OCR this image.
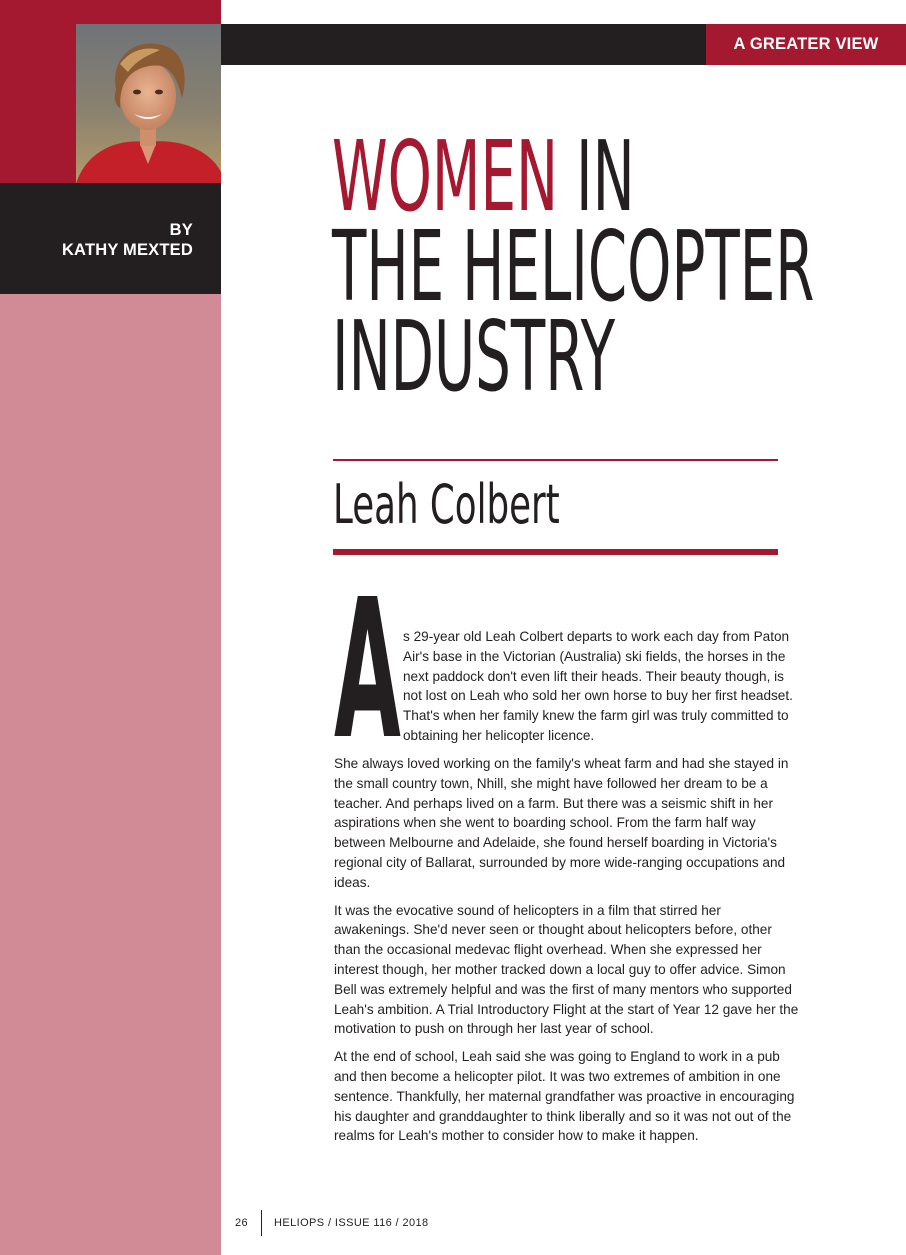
BY
KATHY MEXTED
A GREATER VIEW
WOMEN IN
THE HELICOPTER
INDUSTRY
Leah Colbert
A s 29-year old Leah Colbert departs to work each day from Paton Air's base in the Victorian (Australia) ski fields, the horses in the next paddock don't even lift their heads. Their beauty though, is not lost on Leah who sold her own horse to buy her first headset. That's when her family knew the farm girl was truly committed to obtaining her helicopter licence.

She always loved working on the family's wheat farm and had she stayed in the small country town, Nhill, she might have followed her dream to be a teacher. And perhaps lived on a farm. But there was a seismic shift in her aspirations when she went to boarding school. From the farm half way between Melbourne and Adelaide, she found herself boarding in Victoria's regional city of Ballarat, surrounded by more wide-ranging occupations and ideas.

It was the evocative sound of helicopters in a film that stirred her awakenings. She'd never seen or thought about helicopters before, other than the occasional medevac flight overhead. When she expressed her interest though, her mother tracked down a local guy to offer advice. Simon Bell was extremely helpful and was the first of many mentors who supported Leah's ambition. A Trial Introductory Flight at the start of Year 12 gave her the motivation to push on through her last year of school.

At the end of school, Leah said she was going to England to work in a pub and then become a helicopter pilot. It was two extremes of ambition in one sentence. Thankfully, her maternal grandfather was proactive in encouraging his daughter and granddaughter to think liberally and so it was not out of the realms for Leah's mother to consider how to make it happen.

26 HELIOPS / ISSUE 116 / 2018
